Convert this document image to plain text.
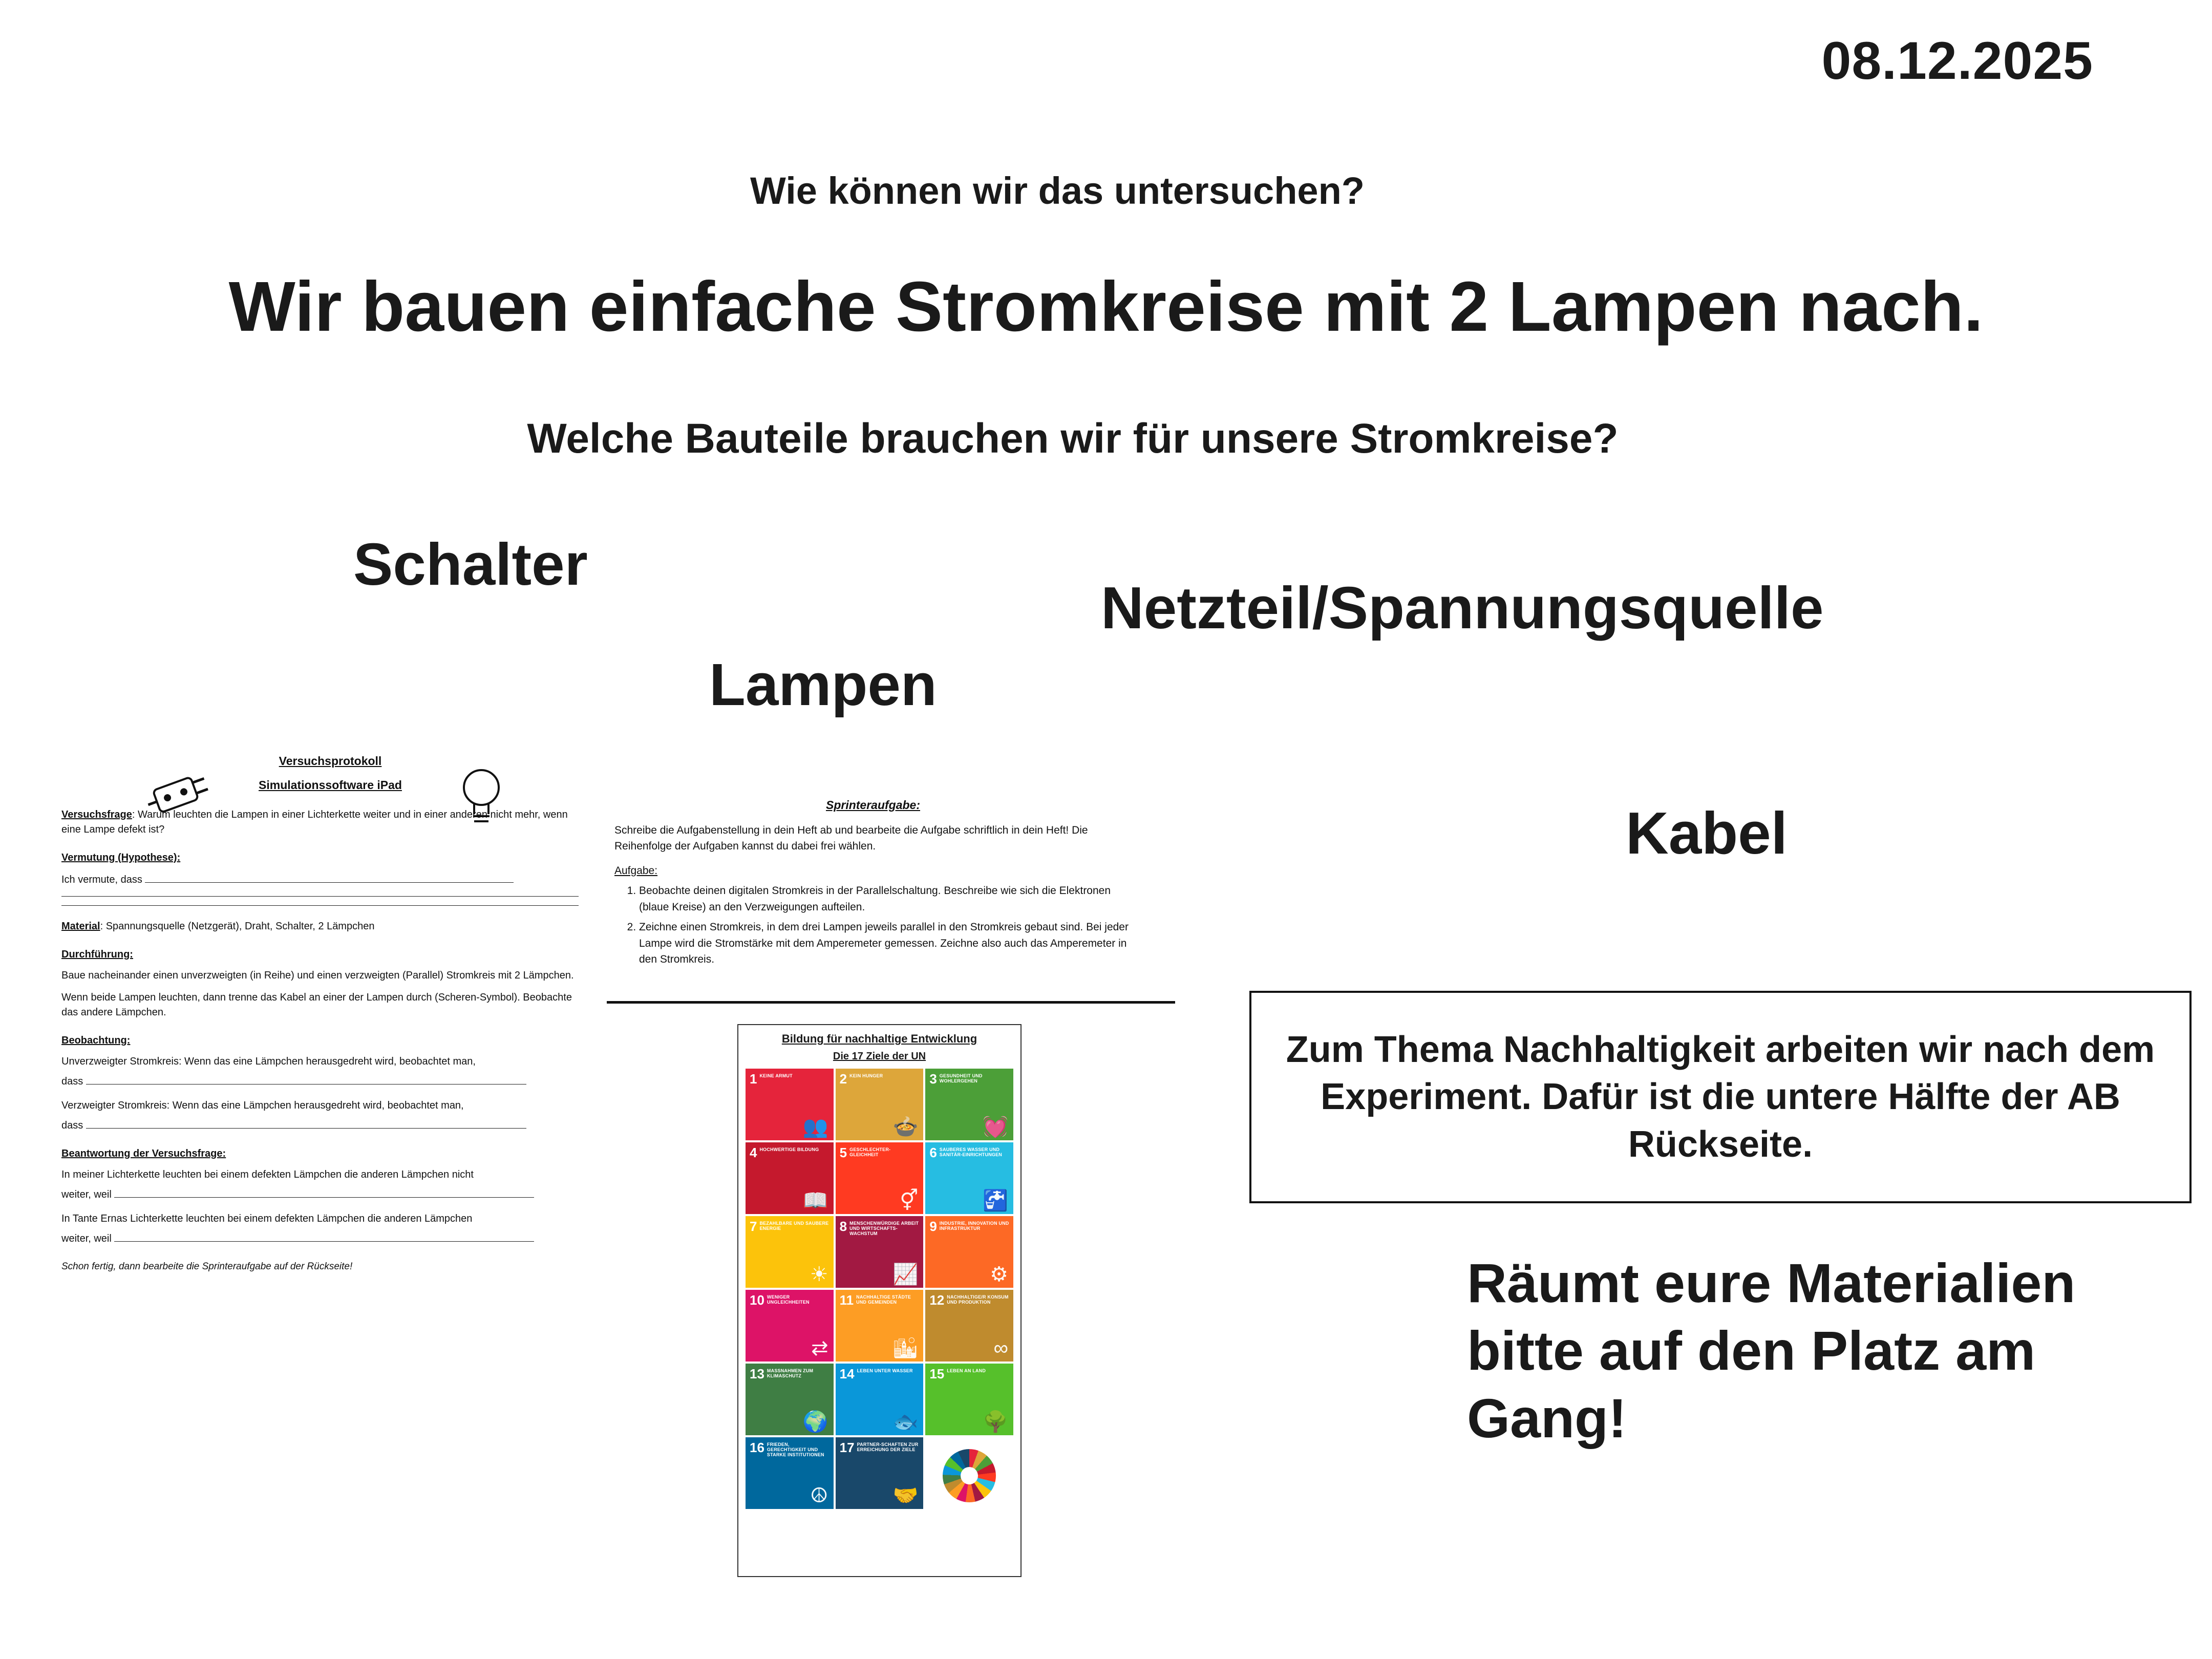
08.12.2025
Wie können wir das untersuchen?
Wir bauen einfache Stromkreise mit 2 Lampen nach.
Welche Bauteile brauchen wir für unsere Stromkreise?
Schalter
Lampen
Netzteil/Spannungsquelle
Kabel
Versuchsprotokoll
Simulationssoftware iPad
Versuchsfrage: Warum leuchten die Lampen in einer Lichterkette weiter und in einer anderen nicht mehr, wenn eine Lampe defekt ist?
Vermutung (Hypothese):
Ich vermute, dass
Material: Spannungsquelle (Netzgerät), Draht, Schalter, 2 Lämpchen
Durchführung:
Baue nacheinander einen unverzweigten (in Reihe) und einen verzweigten (Parallel) Stromkreis mit 2 Lämpchen.
Wenn beide Lampen leuchten, dann trenne das Kabel an einer der Lampen durch (Scheren-Symbol). Beobachte das andere Lämpchen.
Beobachtung:
Unverzweigter Stromkreis: Wenn das eine Lämpchen herausgedreht wird, beobachtet man,
dass
Verzweigter Stromkreis: Wenn das eine Lämpchen herausgedreht wird, beobachtet man,
dass
Beantwortung der Versuchsfrage:
In meiner Lichterkette leuchten bei einem defekten Lämpchen die anderen Lämpchen nicht
weiter, weil
In Tante Ernas Lichterkette leuchten bei einem defekten Lämpchen die anderen Lämpchen
weiter, weil
Schon fertig, dann bearbeite die Sprinteraufgabe auf der Rückseite!
Sprinteraufgabe:

Schreibe die Aufgabenstellung in dein Heft ab und bearbeite die Aufgabe schriftlich in dein Heft! Die Reihenfolge der Aufgaben kannst du dabei frei wählen.

Aufgabe:

1. Beobachte deinen digitalen Stromkreis in der Parallelschaltung. Beschreibe wie sich die Elektronen (blaue Kreise) an den Verzweigungen aufteilen.
2. Zeichne einen Stromkreis, in dem drei Lampen jeweils parallel in den Stromkreis gebaut sind. Bei jeder Lampe wird die Stromstärke mit dem Amperemeter gemessen. Zeichne also auch das Amperemeter in den Stromkreis.
Bildung für nachhaltige Entwicklung
Die 17 Ziele der UN
1 KEINE ARMUT
👥
2 KEIN HUNGER
🍲
3 GESUNDHEIT UND WOHLERGEHEN
💓
4 HOCHWERTIGE BILDUNG
📖
5 GESCHLECHTER-GLEICHHEIT
⚥
6 SAUBERES WASSER UND SANITÄR-EINRICHTUNGEN
🚰
7 BEZAHLBARE UND SAUBERE ENERGIE
☀
8 MENSCHENWÜRDIGE ARBEIT UND WIRTSCHAFTS-WACHSTUM
📈
9 INDUSTRIE, INNOVATION UND INFRASTRUKTUR
⚙
10 WENIGER UNGLEICHHEITEN
⇄
11 NACHHALTIGE STÄDTE UND GEMEINDEN
🏙
12 NACHHALTIGE/R KONSUM UND PRODUKTION
∞
13 MASSNAHMEN ZUM KLIMASCHUTZ
🌍
14 LEBEN UNTER WASSER
🐟
15 LEBEN AN LAND
🌳
16 FRIEDEN, GERECHTIGKEIT UND STARKE INSTITUTIONEN
☮
17 PARTNER-SCHAFTEN ZUR ERREICHUNG DER ZIELE
🤝
Zum Thema Nachhaltigkeit arbeiten wir nach dem Experiment. Dafür ist die untere Hälfte der AB Rückseite.
Räumt eure Materialien bitte auf den Platz am Gang!
